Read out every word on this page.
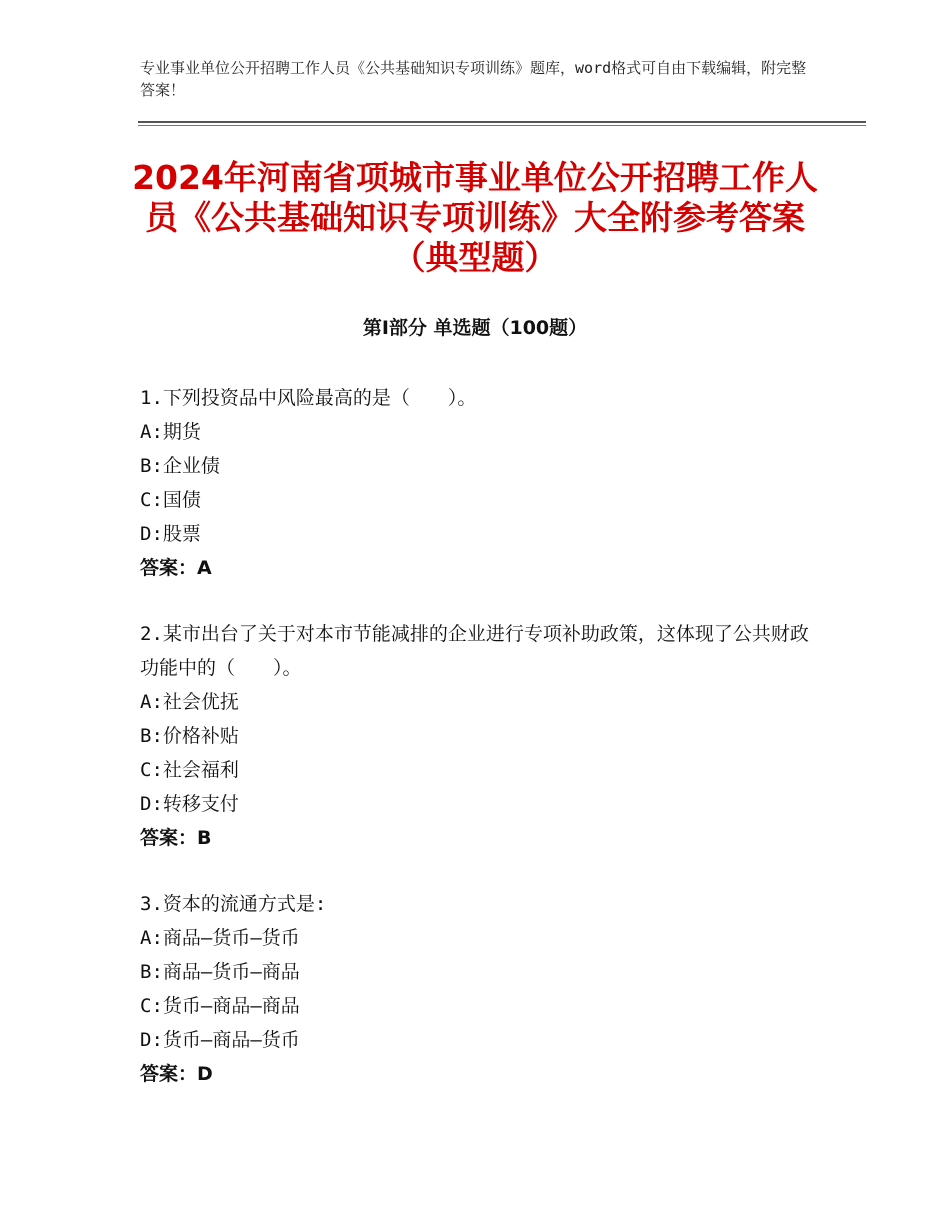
专业事业单位公开招聘工作人员《公共基础知识专项训练》题库，word格式可自由下载编辑，附完整答案！
2024年河南省项城市事业单位公开招聘工作人员《公共基础知识专项训练》大全附参考答案（典型题）
第Ⅰ部分 单选题（100题）
1.下列投资品中风险最高的是（　　）。
A:期货
B:企业债
C:国债
D:股票
答案：A
2.某市出台了关于对本市节能减排的企业进行专项补助政策，这体现了公共财政功能中的（　　）。
A:社会优抚
B:价格补贴
C:社会福利
D:转移支付
答案：B
3.资本的流通方式是:
A:商品—货币—货币
B:商品—货币—商品
C:货币—商品—商品
D:货币—商品—货币
答案：D
